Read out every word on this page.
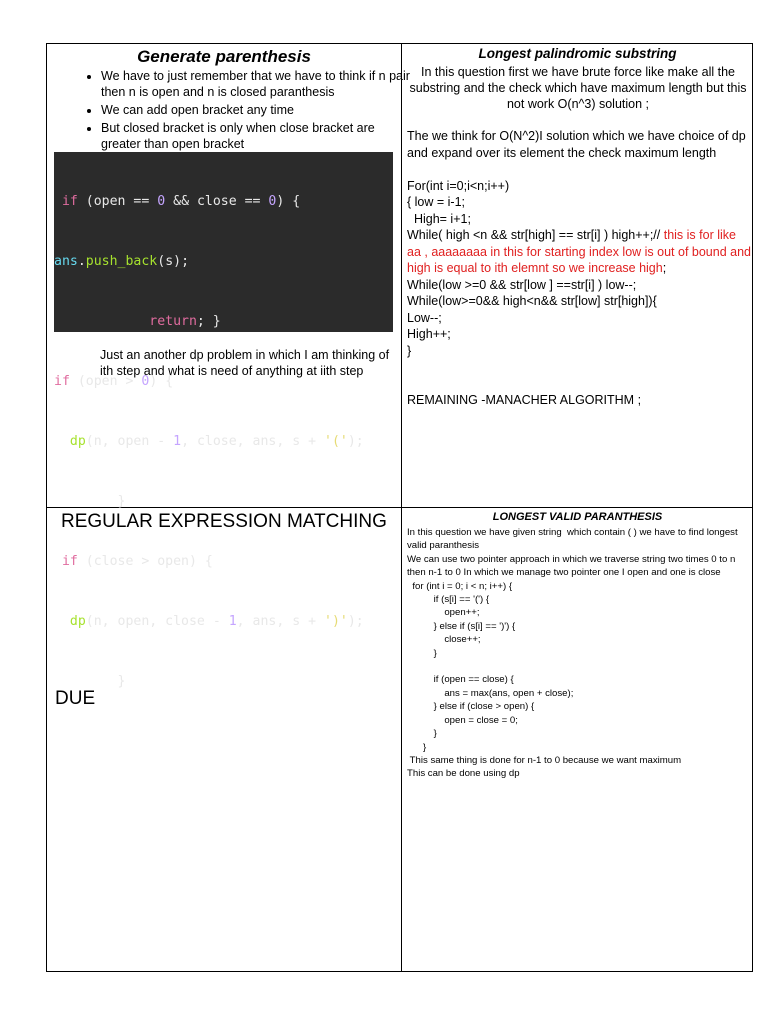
Generate parenthesis
• We have to just remember that we have to think if n pair then n is open and n is closed paranthesis
• We can add open bracket any time
• But closed bracket is only when close bracket are greater than open bracket

if (open == 0 && close == 0) {

ans.push_back(s);

return; }

if (open > 0) {

dp(n, open - 1, close, ans, s + '(');

}

if (close > open) {

dp(n, open, close - 1, ans, s + ')');

}

Just an another dp problem in which I am thinking of ith step and what is need of anything at iith step
Longest palindromic substring
In this question first we have brute force like make all the substring and the check which have maximum length but this not work O(n^3) solution ;

The we think for O(N^2)I solution which we have choice of dp and expand over its element the check maximum length

For(int i=0;i<n;i++)

{ low = i-1;

High= i+1;

While( high <n && str[high] == str[i] ) high++;// this is for like aa , aaaaaaaa in this for starting index low is out of bound and high is equal to ith elemnt so we increase high;

While(low >=0 && str[low ] ==str[i] ) low--;

While(low>=0&& high<n&& str[low] str[high]){

Low--;

High++;

}

REMAINING -MANACHER ALGORITHM ;

REGULAR EXPRESSION MATCHING
DUE
LONGEST VALID PARANTHESIS

In this question we have given string  which contain ( ) we have to find longest valid paranthesis

We can use two pointer approach in which we traverse string two times 0 to n then n-1 to 0 In which we manage two pointer one I open and one is close

for (int i = 0; i < n; i++) {

if (s[i] == '(') {

open++;

} else if (s[i] == ')') {

close++;

}

if (open == close) {

ans = max(ans, open + close);

} else if (close > open) {

open = close = 0;

}

}

This same thing is done for n-1 to 0 because we want maximum

This can be done using dp
